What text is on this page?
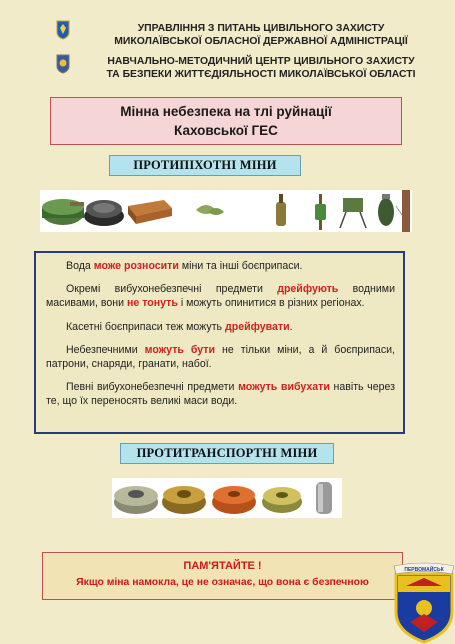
УПРАВЛІННЯ З ПИТАНЬ ЦИВІЛЬНОГО ЗАХИСТУ
МИКОЛАЇВСЬКОЇ ОБЛАСНОЇ ДЕРЖАВНОЇ АДМІНІСТРАЦІЇ
НАВЧАЛЬНО-МЕТОДИЧНИЙ ЦЕНТР ЦИВІЛЬНОГО ЗАХИСТУ
ТА БЕЗПЕКИ ЖИТТЄДІЯЛЬНОСТІ МИКОЛАЇВСЬКОЇ ОБЛАСТІ
Мінна небезпека на тлі руйнації
Каховської ГЕС
ПРОТИПІХОТНІ МІНИ

Вода може розносити міни та інші боєприпаси.

Окремі вибухонебезпечні предмети дрейфують водними масивами, вони не тонуть і можуть опинитися в різних регіонах.

Касетні боєприпаси теж можуть дрейфувати.

Небезпечними можуть бути не тільки міни, а й боєприпаси, патрони, снаряди, гранати, набої.

Певні вибухонебезпечні предмети можуть вибухати навіть через те, що їх переносять великі маси води.

ПРОТИТРАНСПОРТНІ МІНИ
ПАМ'ЯТАЙТЕ !
Якщо міна намокла, це не означає, що вона є безпечною
ПЕРВОМАЙСЬК
